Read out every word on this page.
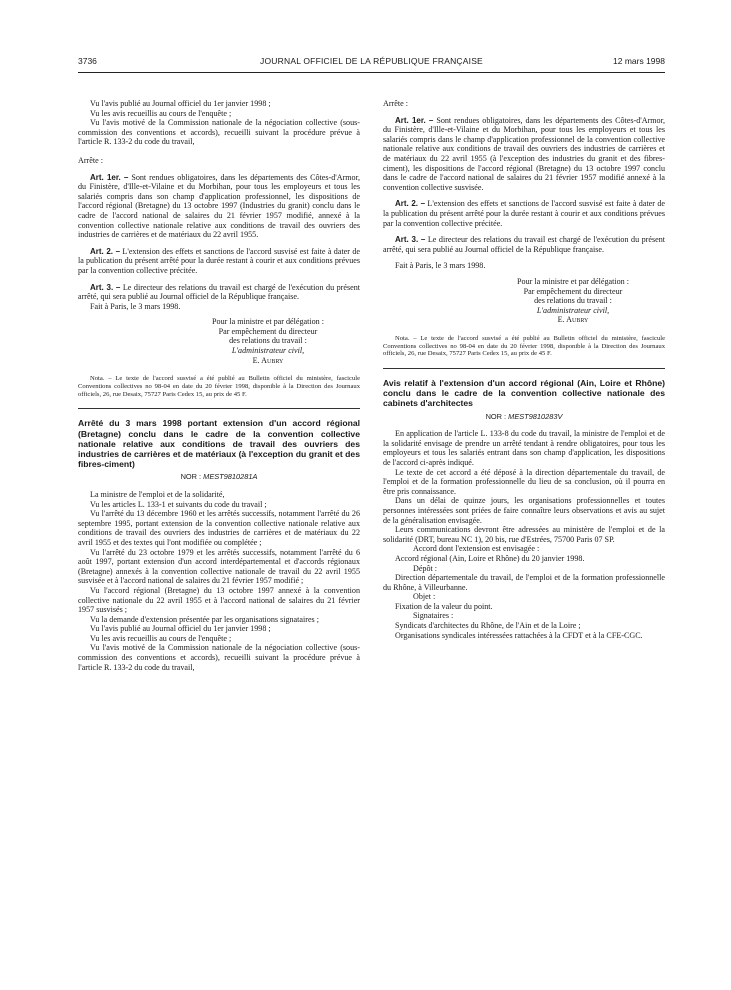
3736	JOURNAL OFFICIEL DE LA RÉPUBLIQUE FRANÇAISE	12 mars 1998

Vu l'avis publié au Journal officiel du 1er janvier 1998 ;

Vu les avis recueillis au cours de l'enquête ;

Vu l'avis motivé de la Commission nationale de la négociation collective (sous-commission des conventions et accords), recueilli suivant la procédure prévue à l'article R. 133-2 du code du travail,

Arrête :

Art. 1er. – Sont rendues obligatoires, dans les départements des Côtes-d'Armor, du Finistère, d'Ille-et-Vilaine et du Morbihan, pour tous les employeurs et tous les salariés compris dans son champ d'application professionnel, les dispositions de l'accord régional (Bretagne) du 13 octobre 1997 (Industries du granit) conclu dans le cadre de l'accord national de salaires du 21 février 1957 modifié, annexé à la convention collective nationale relative aux conditions de travail des ouvriers des industries de carrières et de matériaux du 22 avril 1955.

Art. 2. – L'extension des effets et sanctions de l'accord susvisé est faite à dater de la publication du présent arrêté pour la durée restant à courir et aux conditions prévues par la convention collective précitée.

Art. 3. – Le directeur des relations du travail est chargé de l'exécution du présent arrêté, qui sera publié au Journal officiel de la République française.

Fait à Paris, le 3 mars 1998.

Pour la ministre et par délégation :
Par empêchement du directeur
des relations du travail :
L'administrateur civil,
E. Aubry

Nota. – Le texte de l'accord susvisé a été publié au Bulletin officiel du ministère, fascicule Conventions collectives no 98-04 en date du 20 février 1998, disponible à la Direction des Journaux officiels, 26, rue Desaix, 75727 Paris Cedex 15, au prix de 45 F.

Arrêté du 3 mars 1998 portant extension d'un accord régional (Bretagne) conclu dans le cadre de la convention collective nationale relative aux conditions de travail des ouvriers des industries de carrières et de matériaux (à l'exception du granit et des fibres-ciment)
NOR : MEST9810281A

La ministre de l'emploi et de la solidarité,

Vu les articles L. 133-1 et suivants du code du travail ;

Vu l'arrêté du 13 décembre 1960 et les arrêtés successifs, notamment l'arrêté du 26 septembre 1995, portant extension de la convention collective nationale relative aux conditions de travail des ouvriers des industries de carrières et de matériaux du 22 avril 1955 et des textes qui l'ont modifiée ou complétée ;

Vu l'arrêté du 23 octobre 1979 et les arrêtés successifs, notamment l'arrêté du 6 août 1997, portant extension d'un accord interdépartemental et d'accords régionaux (Bretagne) annexés à la convention collective nationale de travail du 22 avril 1955 susvisée et à l'accord national de salaires du 21 février 1957 modifié ;

Vu l'accord régional (Bretagne) du 13 octobre 1997 annexé à la convention collective nationale du 22 avril 1955 et à l'accord national de salaires du 21 février 1957 susvisés ;

Vu la demande d'extension présentée par les organisations signataires ;

Vu l'avis publié au Journal officiel du 1er janvier 1998 ;

Vu les avis recueillis au cours de l'enquête ;

Vu l'avis motivé de la Commission nationale de la négociation collective (sous-commission des conventions et accords), recueilli suivant la procédure prévue à l'article R. 133-2 du code du travail,

Arrête :

Art. 1er. – Sont rendues obligatoires, dans les départements des Côtes-d'Armor, du Finistère, d'Ille-et-Vilaine et du Morbihan, pour tous les employeurs et tous les salariés compris dans le champ d'application professionnel de la convention collective nationale relative aux conditions de travail des ouvriers des industries de carrières et de matériaux du 22 avril 1955 (à l'exception des industries du granit et des fibres-ciment), les dispositions de l'accord régional (Bretagne) du 13 octobre 1997 conclu dans le cadre de l'accord national de salaires du 21 février 1957 modifié annexé à la convention collective susvisée.

Art. 2. – L'extension des effets et sanctions de l'accord susvisé est faite à dater de la publication du présent arrêté pour la durée restant à courir et aux conditions prévues par la convention collective précitée.

Art. 3. – Le directeur des relations du travail est chargé de l'exécution du présent arrêté, qui sera publié au Journal officiel de la République française.

Fait à Paris, le 3 mars 1998.

Pour la ministre et par délégation :
Par empêchement du directeur
des relations du travail :
L'administrateur civil,
E. Aubry

Nota. – Le texte de l'accord susvisé a été publié au Bulletin officiel du ministère, fascicule Conventions collectives no 98-04 en date du 20 février 1998, disponible à la Direction des Journaux officiels, 26, rue Desaix, 75727 Paris Cedex 15, au prix de 45 F.

Avis relatif à l'extension d'un accord régional (Ain, Loire et Rhône) conclu dans le cadre de la convention collective nationale des cabinets d'architectes
NOR : MEST9810283V

En application de l'article L. 133-8 du code du travail, la ministre de l'emploi et de la solidarité envisage de prendre un arrêté tendant à rendre obligatoires, pour tous les employeurs et tous les salariés entrant dans son champ d'application, les dispositions de l'accord ci-après indiqué.

Le texte de cet accord a été déposé à la direction départementale du travail, de l'emploi et de la formation professionnelle du lieu de sa conclusion, où il pourra en être pris connaissance.

Dans un délai de quinze jours, les organisations professionnelles et toutes personnes intéressées sont priées de faire connaître leurs observations et avis au sujet de la généralisation envisagée.

Leurs communications devront être adressées au ministère de l'emploi et de la solidarité (DRT, bureau NC 1), 20 bis, rue d'Estrées, 75700 Paris 07 SP.

Accord dont l'extension est envisagée :

Accord régional (Ain, Loire et Rhône) du 20 janvier 1998.

Dépôt :

Direction départementale du travail, de l'emploi et de la formation professionnelle du Rhône, à Villeurbanne.

Objet :

Fixation de la valeur du point.

Signataires :

Syndicats d'architectes du Rhône, de l'Ain et de la Loire ;

Organisations syndicales intéressées rattachées à la CFDT et à la CFE-CGC.
